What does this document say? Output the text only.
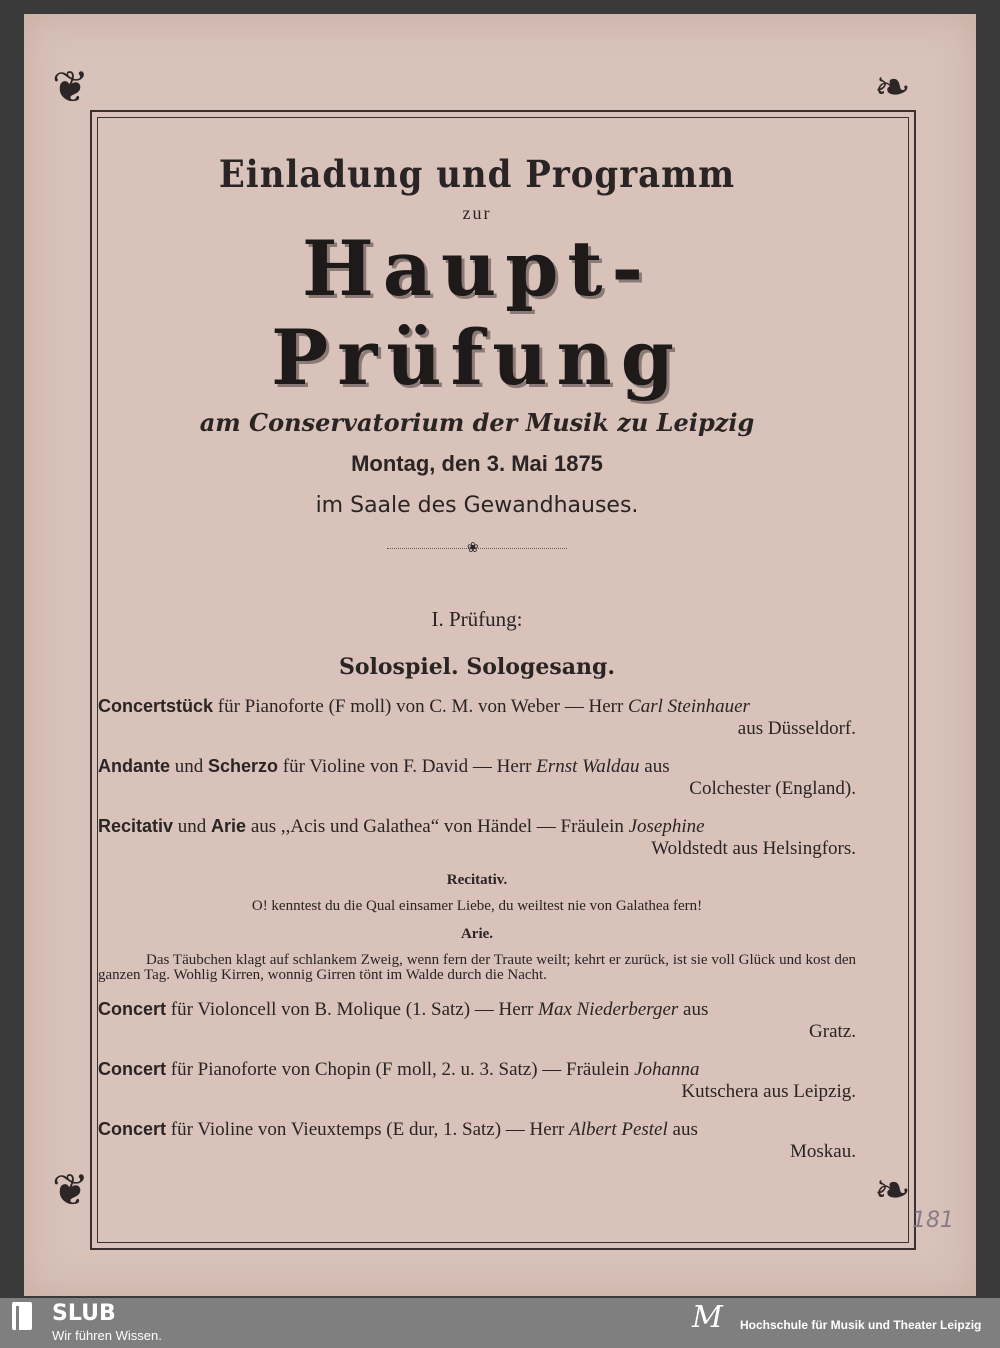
❦	❧
❦	❧
Einladung und Programm
zur
Haupt-Prüfung
am Conservatorium der Musik zu Leipzig
Montag, den 3. Mai 1875
im Saale des Gewandhauses.
❀
I. Prüfung:
Solospiel. Sologesang.
Concertstück für Pianoforte (F moll) von C. M. von Weber — Herr Carl Steinhauer
aus Düsseldorf.
Andante und Scherzo für Violine von F. David — Herr Ernst Waldau aus
Colchester (England).
Recitativ und Arie aus ,,Acis und Galathea“ von Händel — Fräulein Josephine
Woldstedt aus Helsingfors.
Recitativ.
O! kenntest du die Qual einsamer Liebe, du weiltest nie von Galathea fern!
Arie.
Das Täubchen klagt auf schlankem Zweig, wenn fern der Traute weilt; kehrt er zurück, ist sie voll Glück und kost den ganzen Tag. Wohlig Kirren, wonnig Girren tönt im Walde durch die Nacht.
Concert für Violoncell von B. Molique (1. Satz) — Herr Max Niederberger aus
Gratz.
Concert für Pianoforte von Chopin (F moll, 2. u. 3. Satz) — Fräulein Johanna
Kutschera aus Leipzig.
Concert für Violine von Vieuxtemps (E dur, 1. Satz) — Herr Albert Pestel aus
Moskau.
181
SLUB
Wir führen Wissen.
M Hochschule für Musik und Theater Leipzig
